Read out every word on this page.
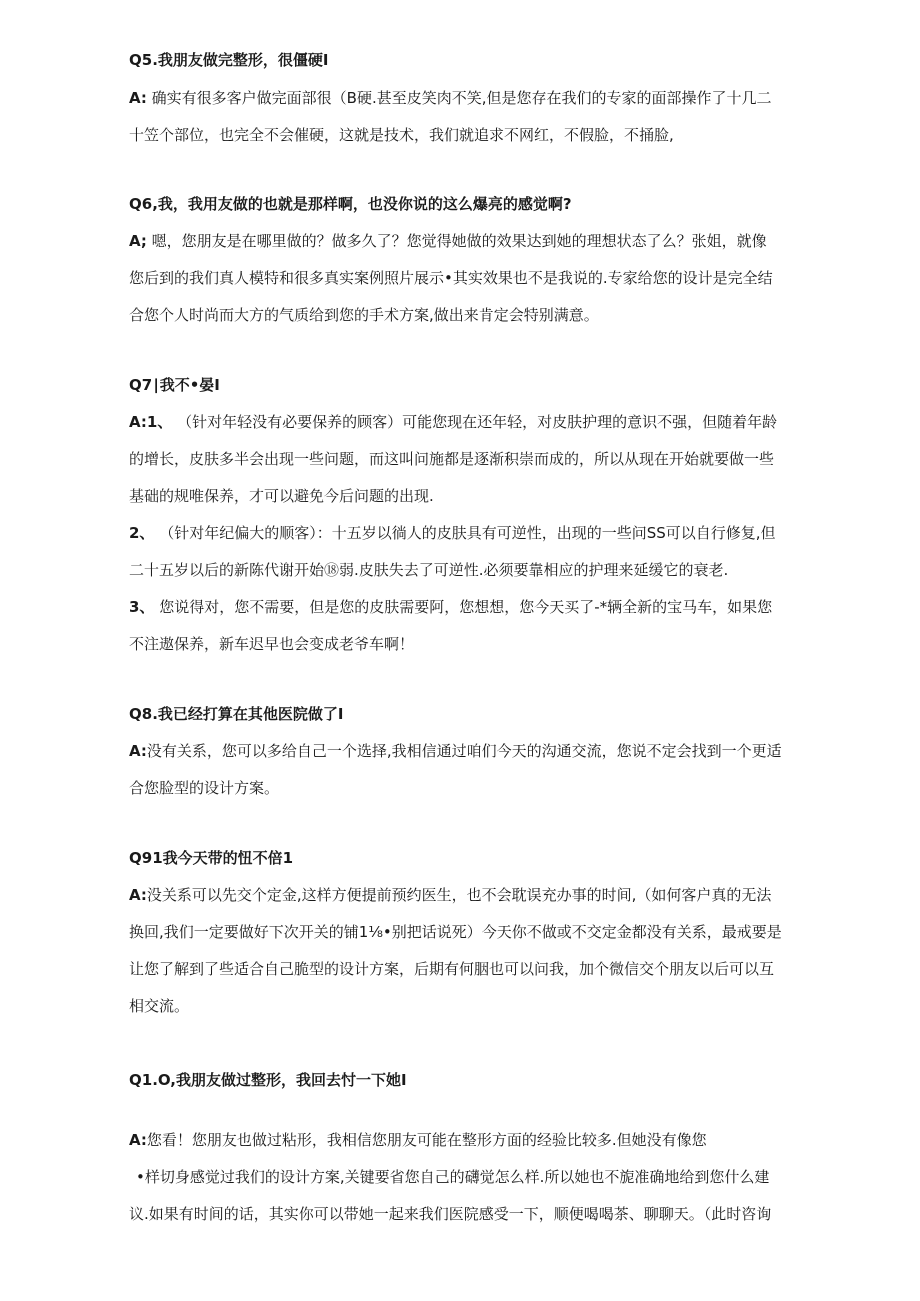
Q5.我朋友做完整形，很僵硬I
A: 确实有很多客户做完面部很（B硬.甚至皮笑肉不笑,但是您存在我们的专家的面部操作了十几二
十笠个部位，也完全不会催硬，这就是技术，我们就追求不网红，不假脸，不捅脸,
Q6,我，我用友做的也就是那样啊，也没你说的这么爆亮的感觉啊?
A; 嗯，您朋友是在哪里做的？做多久了？您觉得她做的效果达到她的理想状态了么？张姐，就像
您后到的我们真人模特和很多真实案例照片展示•其实效果也不是我说的.专家给您的设计是完全结
合您个人时尚而大方的气质给到您的手术方案,做出来肯定会特别满意。
Q7∣我不•晏I
A:1、 （针对年轻没有必要保养的顾客）可能您现在还年轻，对皮肤护理的意识不强，但随着年龄
的增长，皮肤多半会出现一些问题，而这叫问施都是逐渐积崇而成的，所以从现在开始就要做一些
基础的规唯保养，才可以避免今后问题的出现.
2、 （针对年纪偏大的顺客）：十五岁以徜人的皮肤具有可逆性，出现的一些问SS可以自行修复,但
二十五岁以后的新陈代谢开始⑱弱.皮肤失去了可逆性.必须要靠相应的护理来延缓它的衰老.
3、 您说得对，您不需要，但是您的皮肤需要阿，您想想，您今天买了-*辆全新的宝马车，如果您
不注遨保养，新车迟早也会变成老爷车啊！
Q8.我已经打算在其他医院做了I
A:没有关系，您可以多给自己一个选择,我相信通过咱们今天的沟通交流，您说不定会找到一个更适
合您脸型的设计方案。
Q91我今天带的忸不倍1
A:没关系可以先交个定金,这样方便提前预约医生，也不会耽误充办事的时间,（如何客户真的无法
换回,我们一定要做好下次开关的铺1⅛•别把话说死）今天你不做或不交定金都没有关系，最戒要是
让您了解到了些适合自己脆型的设计方案，后期有何胭也可以问我，加个微信交个朋友以后可以互
相交流。
Q1.O,我朋友做过整形，我回去忖一下她I
A:您看！您朋友也做过粘形，我相信您朋友可能在整形方面的经验比较多.但她没有像您
•样切身感觉过我们的设计方案,关键要省您自己的礴觉怎么样.所以她也不旎准确地给到您什么建
议.如果有时间的话，其实你可以带她一起来我们医院感受一下，顺便喝喝茶、聊聊天。（此时咨询
